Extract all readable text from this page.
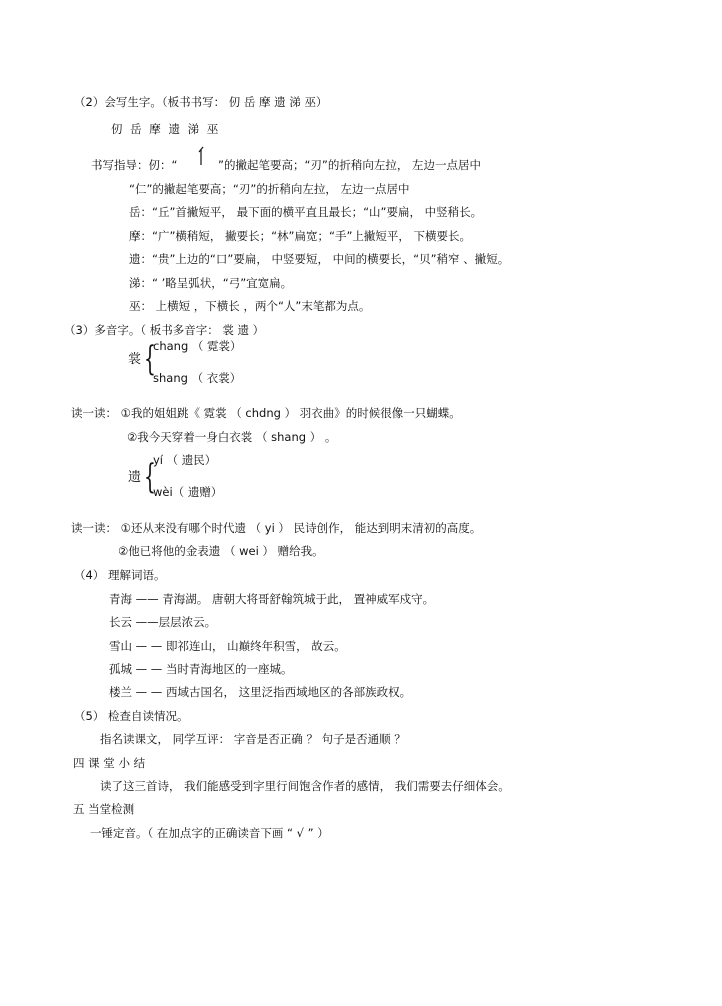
（2）会写生字。（板书书写： 仞 岳 摩 遗 涕 巫）
仞 岳 摩 遗 涕 巫
书写指导：仞：“	”的撇起笔要高；“刃”的折稍向左拉， 左边一点居中
“仁”的撇起笔要高；“刃”的折稍向左拉， 左边一点居中
岳：“丘”首撇短平， 最下面的横平直且最长；“山”要扁， 中竖稍长。
摩：“广”横稍短， 撇要长；“林”扁宽；“手”上撇短平， 下横要长。
遗：“贵”上边的“口”要扁， 中竖要短， 中间的横要长，“贝”稍窄 、撇短。
涕：“ ’略呈弧状，“弓”宜宽扁。
巫： 上横短 ，下横长 ，两个“人”末笔都为点。
（3）多音字。（ 板书多音字： 裳 遗 ）
裳 {
chang （ 霓裳）
shang （ 衣裳）
读一读： ①我的姐姐跳《 霓裳 （ chdng ） 羽衣曲》的时候很像一只蝴蝶。
②我今天穿着一身白衣裳 （ shang ） 。
遗 {
yí （ 遗民）
wèi（ 遗赠）
读一读： ①还从来没有哪个时代遗 （ yi ） 民诗创作， 能达到明末清初的高度。
②他已将他的金表遗 （ wei ） 赠给我。
（4） 理解词语。
青海 —— 青海湖。 唐朝大将哥舒翰筑城于此， 置神威军戍守。
长云 ——层层浓云。
雪山 — — 即祁连山， 山巅终年积雪， 故云。
孤城 — — 当时青海地区的一座城。
楼兰 — — 西域古国名， 这里泛指西域地区的各部族政权。
（5） 检查自读情况。
指名读课文， 同学互评： 字音是否正确 ？ 句子是否通顺 ？
四 课 堂 小 结
读了这三首诗， 我们能感受到字里行间饱含作者的感情， 我们需要去仔细体会。
五 当堂检测
一锤定音。（ 在加点字的正确读音下画 “ √ ” ）
